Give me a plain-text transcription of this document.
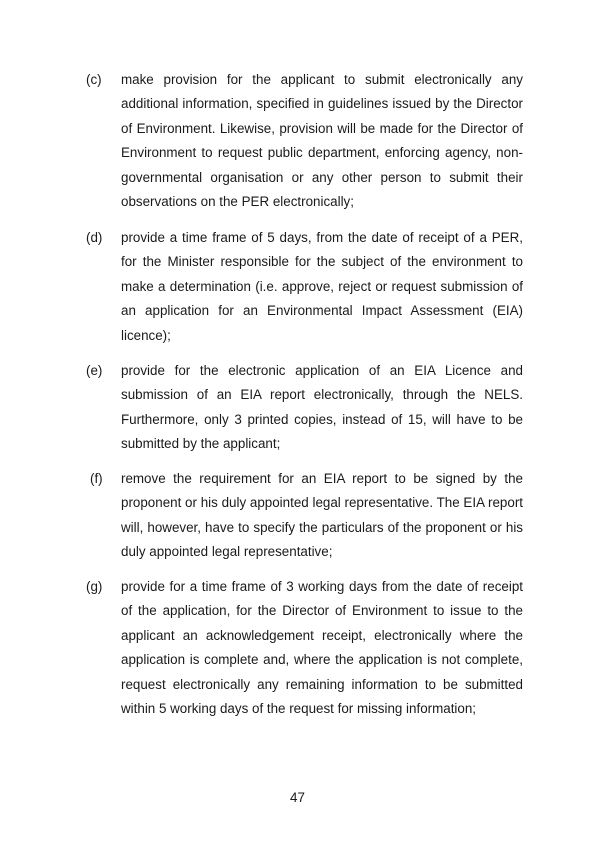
(c) make provision for the applicant to submit electronically any additional information, specified in guidelines issued by the Director of Environment. Likewise, provision will be made for the Director of Environment to request public department, enforcing agency, non-governmental organisation or any other person to submit their observations on the PER electronically;

(d) provide a time frame of 5 days, from the date of receipt of a PER, for the Minister responsible for the subject of the environment to make a determination (i.e. approve, reject or request submission of an application for an Environmental Impact Assessment (EIA) licence);

(e) provide for the electronic application of an EIA Licence and submission of an EIA report electronically, through the NELS. Furthermore, only 3 printed copies, instead of 15, will have to be submitted by the applicant;

(f) remove the requirement for an EIA report to be signed by the proponent or his duly appointed legal representative. The EIA report will, however, have to specify the particulars of the proponent or his duly appointed legal representative;

(g) provide for a time frame of 3 working days from the date of receipt of the application, for the Director of Environment to issue to the applicant an acknowledgement receipt, electronically where the application is complete and, where the application is not complete, request electronically any remaining information to be submitted within 5 working days of the request for missing information;

47
